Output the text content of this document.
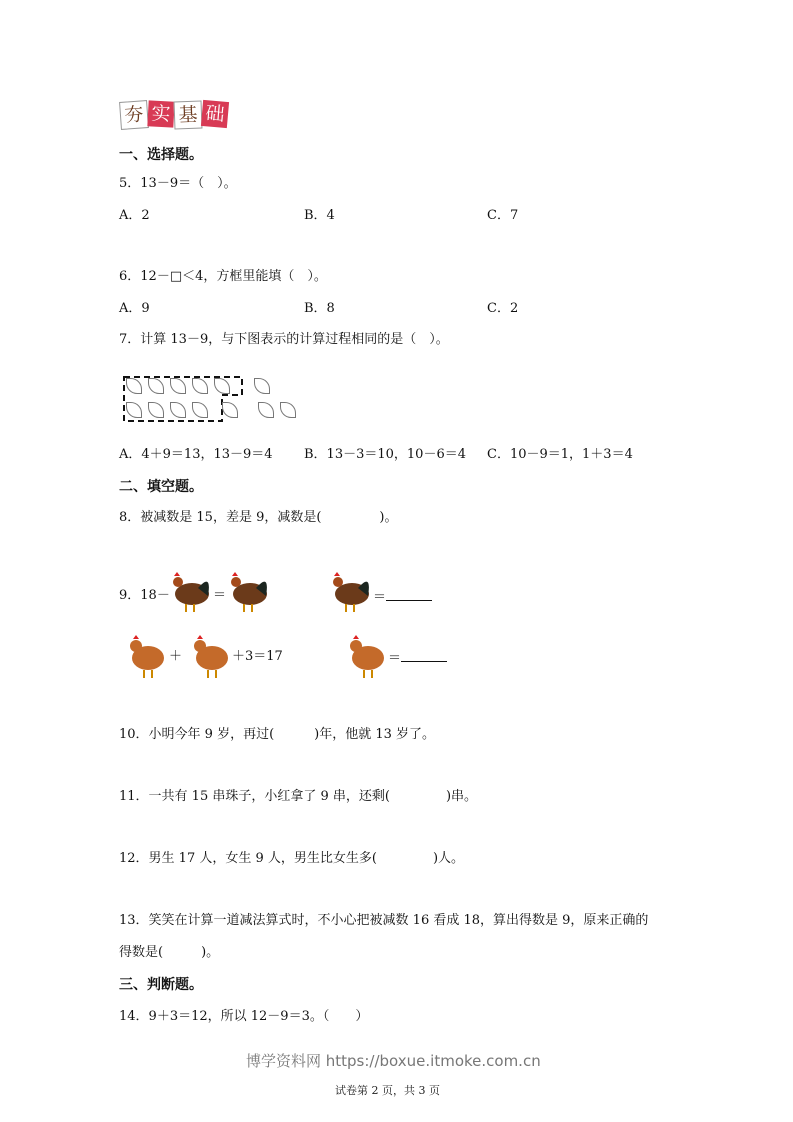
夯 实 基 础
一、选择题。
5．13－9＝（　）。
A．2	B．4	C．7
6．12－□＜4，方框里能填（　）。
A．9	B．8	C．2
7．计算 13－9，与下图表示的计算过程相同的是（　）。
A．4＋9＝13，13－9＝4 B．13－3＝10，10－6＝4 C．10－9＝1，1＋3＝4
二、填空题。
8．被减数是 15，差是 9，减数是(	)。
9．18－	＝	＝
＋	＋3＝17	＝
10．小明今年 9 岁，再过(	)年，他就 13 岁了。
11．一共有 15 串珠子，小红拿了 9 串，还剩(	)串。
12．男生 17 人，女生 9 人，男生比女生多(	)人。
13．笑笑在计算一道减法算式时，不小心把被减数 16 看成 18，算出得数是 9，原来正确的
得数是(	)。
三、判断题。
14．9＋3＝12，所以 12－9＝3。（　　）
博学资料网 https://boxue.itmoke.com.cn
试卷第 2 页，共 3 页
